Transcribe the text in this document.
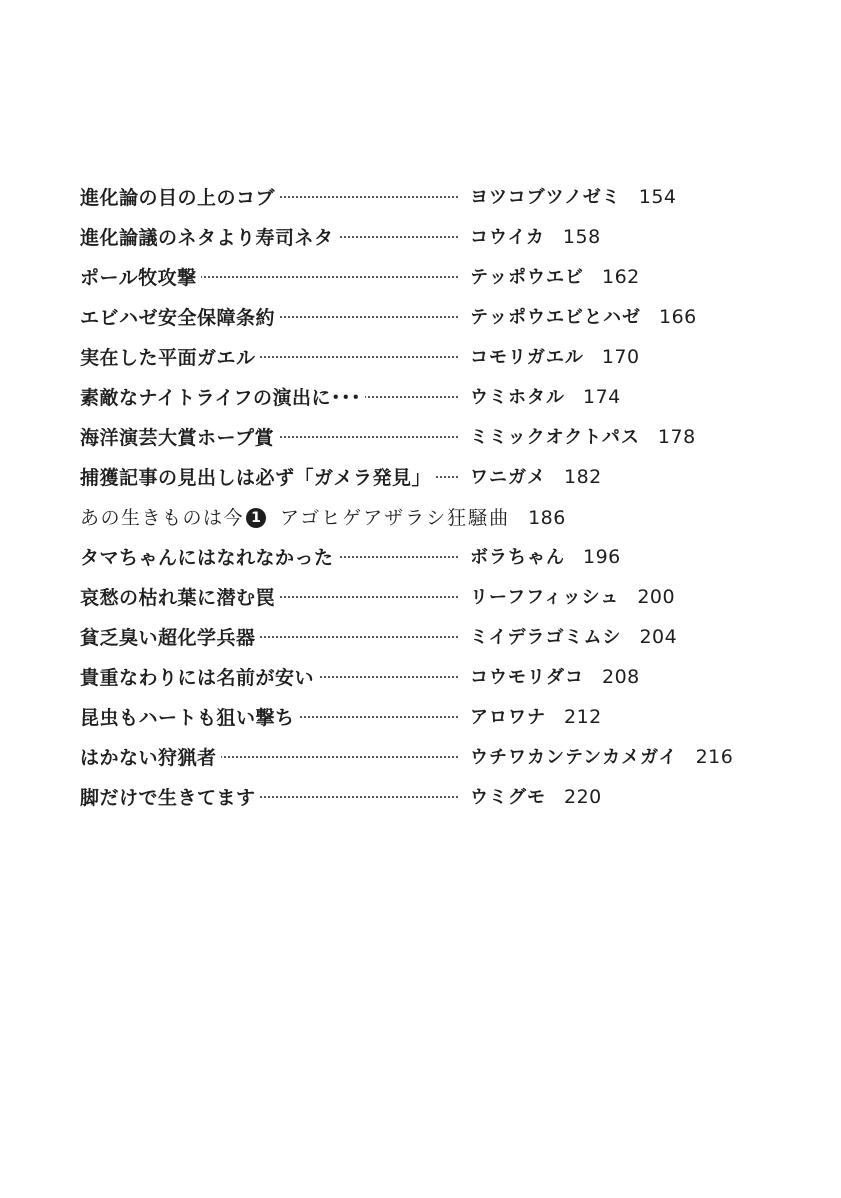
進化論の目の上のコブ	ヨツコブツノゼミ 154
進化論議のネタより寿司ネタ	コウイカ 158
ポール牧攻撃	テッポウエビ 162
エビハゼ安全保障条約	テッポウエビとハゼ 166
実在した平面ガエル	コモリガエル 170
素敵なナイトライフの演出に･･･	ウミホタル 174
海洋演芸大賞ホープ賞	ミミックオクトパス 178
捕獲記事の見出しは必ず「ガメラ発見」 ワニガメ 182
あの生きものは今 1 アゴヒゲアザラシ狂騒曲 186
タマちゃんにはなれなかった	ボラちゃん 196
哀愁の枯れ葉に潜む罠	リーフフィッシュ 200
貧乏臭い超化学兵器	ミイデラゴミムシ 204
貴重なわりには名前が安い	コウモリダコ 208
昆虫もハートも狙い撃ち	アロワナ 212
はかない狩猟者	ウチワカンテンカメガイ 216
脚だけで生きてます	ウミグモ 220
